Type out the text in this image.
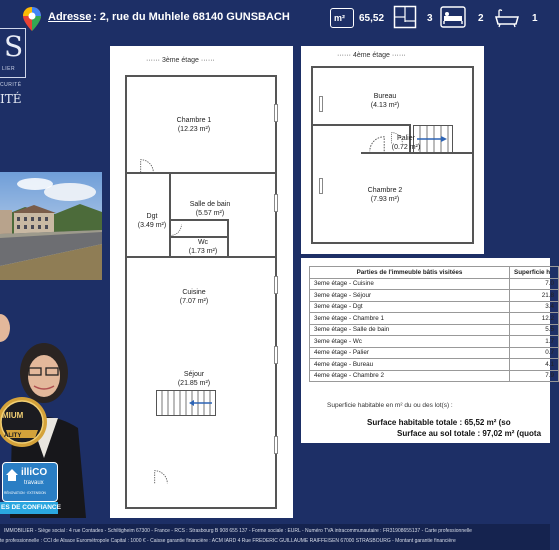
Adresse : 2, rue du Muhlele 68140 GUNSBACH	m² 65,52	3	2	1
S
LIER
CURITÉ
ITÉ
MIUM
ALITY
illiCO
travaux
RÉNOVATION · EXTENSION
ES DE CONFIANCE
······ 3ème étage ······
Chambre 1
(12.23 m²)
Salle de bain
(5.57 m²)
Dgt
(3.49 m²)
Wc
(1.73 m²)
Cuisine
(7.07 m²)
Séjour
(21.85 m²)
······ 4ème étage ······
Bureau
(4.13 m²)
Palier
(0.72 m²)
Chambre 2
(7.93 m²)
Parties de l'immeuble bâtis visitées	Superficie h
3eme étage - Cuisine	7.0
3eme étage - Séjour	21.8
3eme étage - Dgt	3.4
3eme étage - Chambre 1	12.2
3eme étage - Salle de bain	5.5
3eme étage - Wc	1.7
4eme étage - Palier	0.7
4eme étage - Bureau	4.1
4eme étage - Chambre 2	7.9
Superficie habitable en m² du ou des lot(s) :
Surface habitable totale : 65,52 m² (so
Surface au sol totale : 97,02 m² (quota
IMMOBILIER - Siège social : 4 rue Contades - Schiltigheim 67300 - France - RCS : Strasbourg B 908 655 137 - Forme sociale : EURL - Numéro TVA intracommunautaire : FR31908655137 - Carte professionnelle
te professionnelle : CCI de Alsace Eurométropole Capital : 1000 € - Caisse garantie financière : ACM IARD 4 Rue FREDERIC GUILLAUME RAIFFEISEN 67000 STRASBOURG - Montant garantie financière
